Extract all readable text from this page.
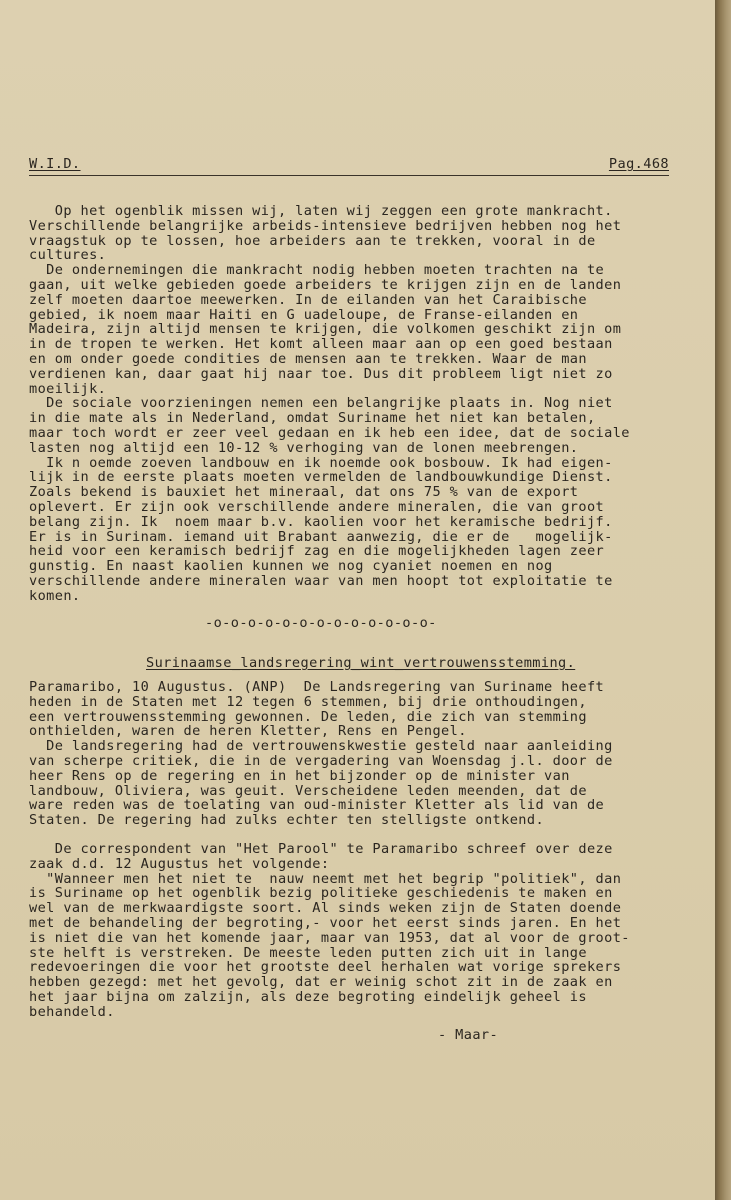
W.I.D.	Pag.468
Op het ogenblik missen wij, laten wij zeggen een grote mankracht.
Verschillende belangrijke arbeids-intensieve bedrijven hebben nog het
vraagstuk op te lossen, hoe arbeiders aan te trekken, vooral in de
cultures.
De ondernemingen die mankracht nodig hebben moeten trachten na te
gaan, uit welke gebieden goede arbeiders te krijgen zijn en de landen
zelf moeten daartoe meewerken. In de eilanden van het Caraibische
gebied, ik noem maar Haiti en G uadeloupe, de Franse-eilanden en
Madeira, zijn altijd mensen te krijgen, die volkomen geschikt zijn om
in de tropen te werken. Het komt alleen maar aan op een goed bestaan
en om onder goede condities de mensen aan te trekken. Waar de man
verdienen kan, daar gaat hij naar toe. Dus dit probleem ligt niet zo
moeilijk.
De sociale voorzieningen nemen een belangrijke plaats in. Nog niet
in die mate als in Nederland, omdat Suriname het niet kan betalen,
maar toch wordt er zeer veel gedaan en ik heb een idee, dat de sociale
lasten nog altijd een 10-12 % verhoging van de lonen meebrengen.
Ik n oemde zoeven landbouw en ik noemde ook bosbouw. Ik had eigen-
lijk in de eerste plaats moeten vermelden de landbouwkundige Dienst.
Zoals bekend is bauxiet het mineraal, dat ons 75 % van de export
oplevert. Er zijn ook verschillende andere mineralen, die van groot
belang zijn. Ik  noem maar b.v. kaolien voor het keramische bedrijf.
Er is in Surinam. iemand uit Brabant aanwezig, die er de   mogelijk-
heid voor een keramisch bedrijf zag en die mogelijkheden lagen zeer
gunstig. En naast kaolien kunnen we nog cyaniet noemen en nog
verschillende andere mineralen waar van men hoopt tot exploitatie te
komen.
-o-o-o-o-o-o-o-o-o-o-o-o-o-
Surinaamse_landsregering_wint_vertrouwensstemming.
Paramaribo, 10 Augustus. (ANP)  De Landsregering van Suriname heeft
heden in de Staten met 12 tegen 6 stemmen, bij drie onthoudingen,
een vertrouwensstemming gewonnen. De leden, die zich van stemming
onthielden, waren de heren Kletter, Rens en Pengel.
De landsregering had de vertrouwenskwestie gesteld naar aanleiding
van scherpe critiek, die in de vergadering van Woensdag j.l. door de
heer Rens op de regering en in het bijzonder op de minister van
landbouw, Oliviera, was geuit. Verscheidene leden meenden, dat de
ware reden was de toelating van oud-minister Kletter als lid van de
Staten. De regering had zulks echter ten stelligste ontkend.
De correspondent van "Het Parool" te Paramaribo schreef over deze
zaak d.d. 12 Augustus het volgende:
"Wanneer men het niet te  nauw neemt met het begrip "politiek", dan
is Suriname op het ogenblik bezig politieke geschiedenis te maken en
wel van de merkwaardigste soort. Al sinds weken zijn de Staten doende
met de behandeling der begroting,- voor het eerst sinds jaren. En het
is niet die van het komende jaar, maar van 1953, dat al voor de groot-
ste helft is verstreken. De meeste leden putten zich uit in lange
redevoeringen die voor het grootste deel herhalen wat vorige sprekers
hebben gezegd: met het gevolg, dat er weinig schot zit in de zaak en
het jaar bijna om zalzijn, als deze begroting eindelijk geheel is
behandeld.
- Maar-
